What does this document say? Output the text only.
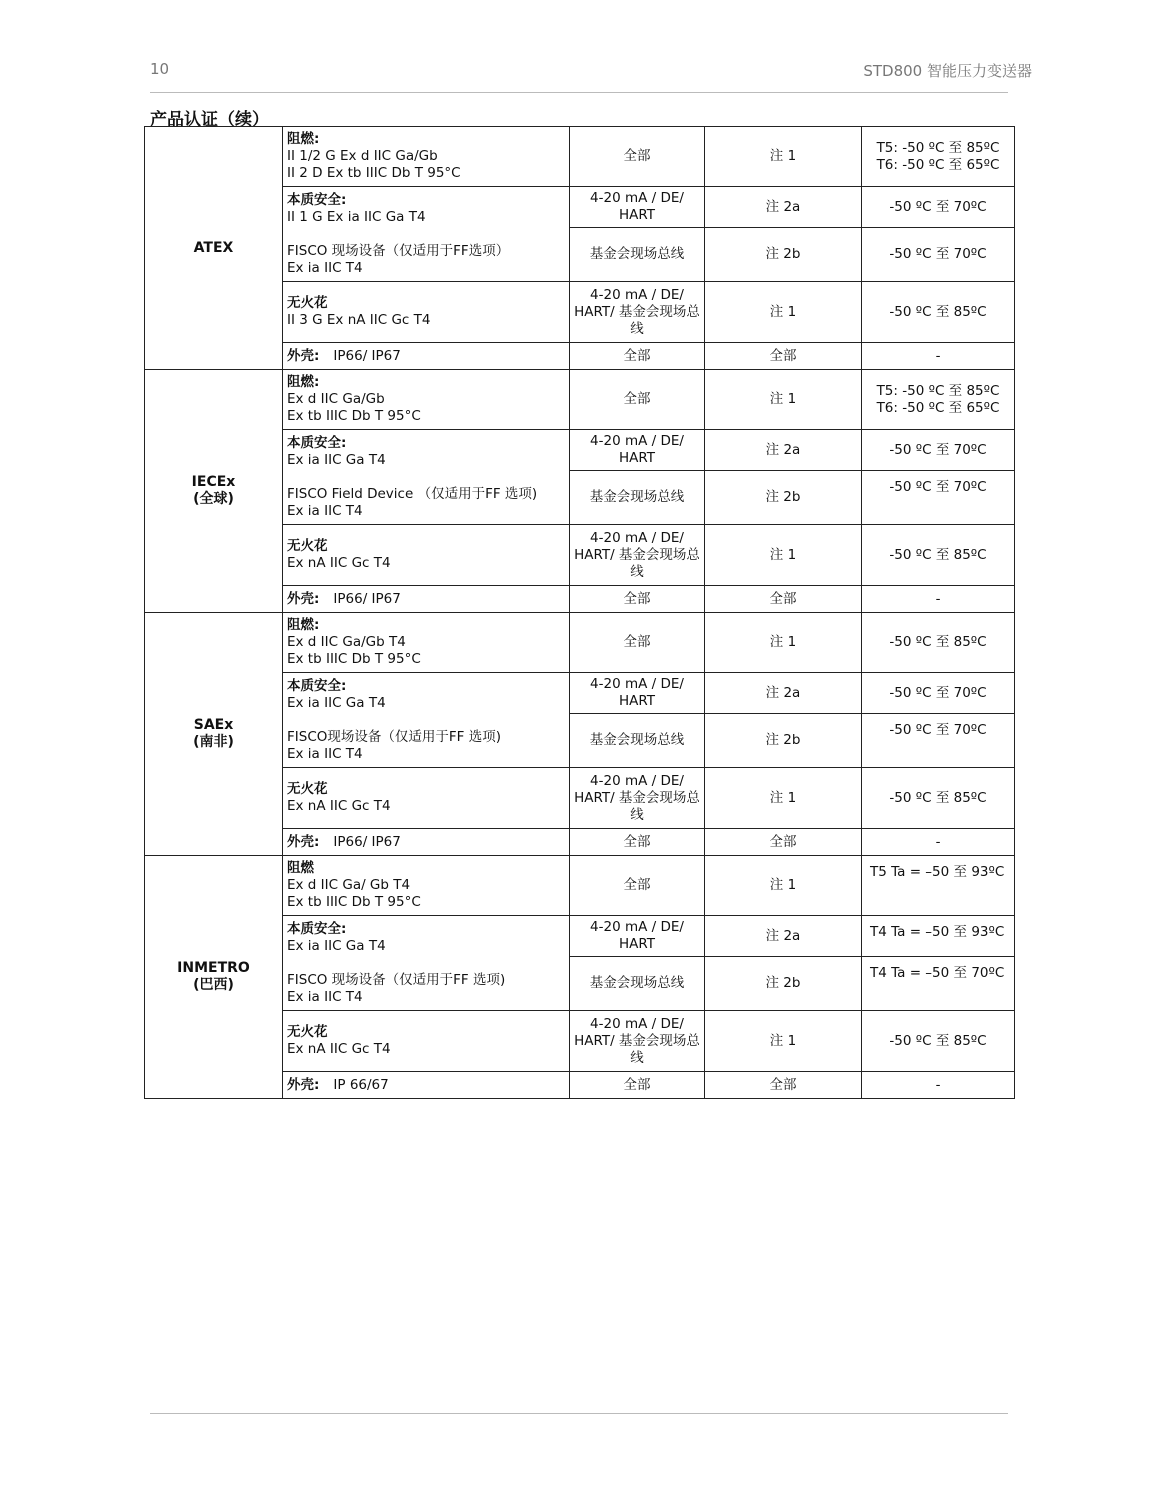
10	STD800 智能压力变送器
产品认证（续）
ATEX	阻燃:
II 1/2 G Ex d IIC Ga/Gb
II 2 D Ex tb IIIC Db T 95°C	全部	注 1	T5: -50 ºC 至 85ºC
T6: -50 ºC 至 65ºC

	本质安全:
II 1 G Ex ia IIC Ga T4
FISCO 现场设备（仅适用于FF选项）
Ex ia IIC T4	4-20 mA / DE/ HART	注 2a	-50 ºC 至 70ºC

		基金会现场总线	注 2b	-50 ºC 至 70ºC

	无火花
II 3 G Ex nA IIC Gc T4	4-20 mA / DE/ HART/ 基金会现场总线	注 1	-50 ºC 至 85ºC

	外壳: IP66/ IP67	全部	全部	-

IECEx
(全球)	阻燃:
Ex d IIC Ga/Gb
Ex tb IIIC Db T 95°C	全部	注 1	T5: -50 ºC 至 85ºC
T6: -50 ºC 至 65ºC

	本质安全:
Ex ia IIC Ga T4
FISCO Field Device （仅适用于FF 选项)
Ex ia IIC T4	4-20 mA / DE/ HART	注 2a	-50 ºC 至 70ºC

		基金会现场总线	注 2b	-50 ºC 至 70ºC

	无火花
Ex nA IIC Gc T4	4-20 mA / DE/ HART/ 基金会现场总线	注 1	-50 ºC 至 85ºC

	外壳: IP66/ IP67	全部	全部	-

SAEx
(南非)	阻燃:
Ex d IIC Ga/Gb T4
Ex tb IIIC Db T 95°C	全部	注 1	-50 ºC 至 85ºC

	本质安全:
Ex ia IIC Ga T4
FISCO现场设备（仅适用于FF 选项)
Ex ia IIC T4	4-20 mA / DE/ HART	注 2a	-50 ºC 至 70ºC

		基金会现场总线	注 2b	-50 ºC 至 70ºC

	无火花
Ex nA IIC Gc T4	4-20 mA / DE/ HART/ 基金会现场总线	注 1	-50 ºC 至 85ºC

	外壳: IP66/ IP67	全部	全部	-

INMETRO
(巴西)	阻燃
Ex d IIC Ga/ Gb T4
Ex tb IIIC Db T 95°C	全部	注 1	T5 Ta = –50 至 93ºC

	本质安全:
Ex ia IIC Ga T4
FISCO 现场设备（仅适用于FF 选项)
Ex ia IIC T4	4-20 mA / DE/ HART	注 2a	T4 Ta = –50 至 93ºC

		基金会现场总线	注 2b	T4 Ta = –50 至 70ºC

	无火花
Ex nA IIC Gc T4	4-20 mA / DE/ HART/ 基金会现场总线	注 1	-50 ºC 至 85ºC

	外壳: IP 66/67	全部	全部	-
